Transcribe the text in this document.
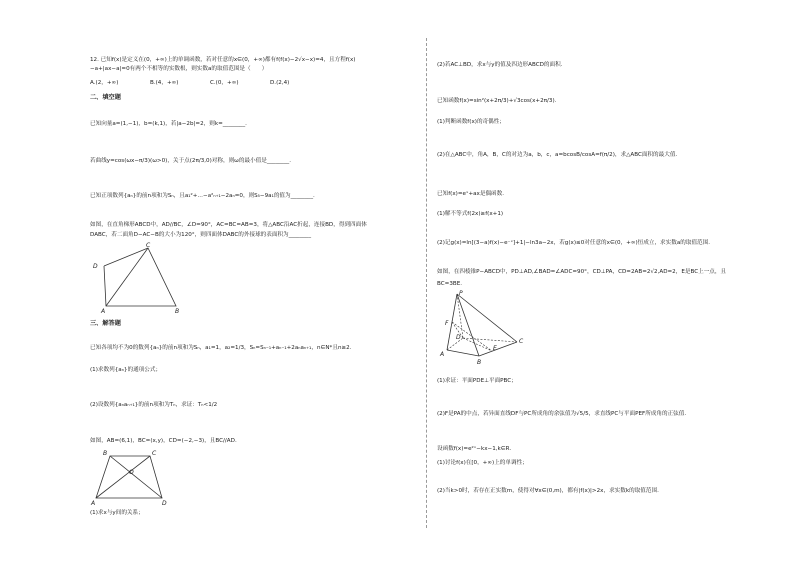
12. 已知f(x)是定义在(0，+∞)上的单调函数，若对任意的x∈(0，+∞)都有f(f(x)−2√x−x)=4，且方程f(x)
−a+|ax−a|=0有两个不相等的实数根，则实数a的取值范围是（　　）
A.(2，+∞)	B.(4，+∞)	C.(0，+∞)	D.(2,4)
二、填空题
已知向量a=(1,−1)，b=(k,1)，若|a−2b|=2，则k=________.
若曲线y=cos(ωx−π/3)(ω>0)，关于点(2π/3,0)对称，则ω的最小值是________.
已知正项数列{aₙ}的前n项和为Sₙ，且a₁²+…−a²ₙ₊₁−2aₙ=0，则S₅−9a₁的值为________.
如图，在直角梯形ABCD中，AD//BC，∠D=90°，AC=BC=AB=3，将△ABC沿AC折起，连接BD，得到四面体
DABC，若二面角D−AC−B的大小为120°，则四面体DABC的外接球的表面积为________
C
D
A	B
三、解答题
已知各项均不为0的数列{aₙ}的前n项和为Sₙ，a₁=1，a₂=1/3，Sₙ=Sₙ₋₁+aₙ₋₁+2aₙaₙ₊₁，n∈N*且n≥2.
(1)求数列{aₙ}的通项公式；
(2)设数列{aₙaₙ₊₁}的前n项和为Tₙ，求证：Tₙ<1/2
如图，AB=(6,1)，BC=(x,y)，CD=(−2,−3)，且BC//AD.
B	C
O
A	D
(1)求x与y间的关系；
(2)若AC⊥BD，求x与y的值及四边形ABCD的面积.
已知函数f(x)=sin²(x+2π/3)+√3cos(x+2π/3).
(1)判断函数f(x)的奇偶性；
(2)在△ABC中，角A，B，C的对边为a，b，c，a=bcosB/cosA=f(π/2)，求△ABC面积的最大值.
已知f(x)=eˣ+ax是偶函数.
(1)解不等式f(2x)≥f(x+1)
(2)记g(x)=ln[(3−a)f(x)−e⁻ˣ]+1|−ln3a−2x，若g(x)≤0对任意的x∈(0，+∞)恒成立，求实数a的取值范围.
如图，在四棱锥P−ABCD中，PD⊥AD,∠BAD=∠ADC=90°，CD⊥PA，CD=2AB=2√2,AD=2，E是BC上一点，且
BC=3BE.
P
F
D
C
E
A
B
(1)求证：平面PDE⊥平面PBC；
(2)F是PA的中点，若异面直线DF与PC所成角的余弦值为√5/5，求直线PC与平面PEF所成角的正弦值.
设函数f(x)=e²ˣ−kx−1,k∈R.
(1)讨论f(x)在[0，+∞)上的单调性；
(2)当k>0时，若存在正实数m，使得对∀x∈(0,m)，都有|f(x)|>2x，求实数k的取值范围.
